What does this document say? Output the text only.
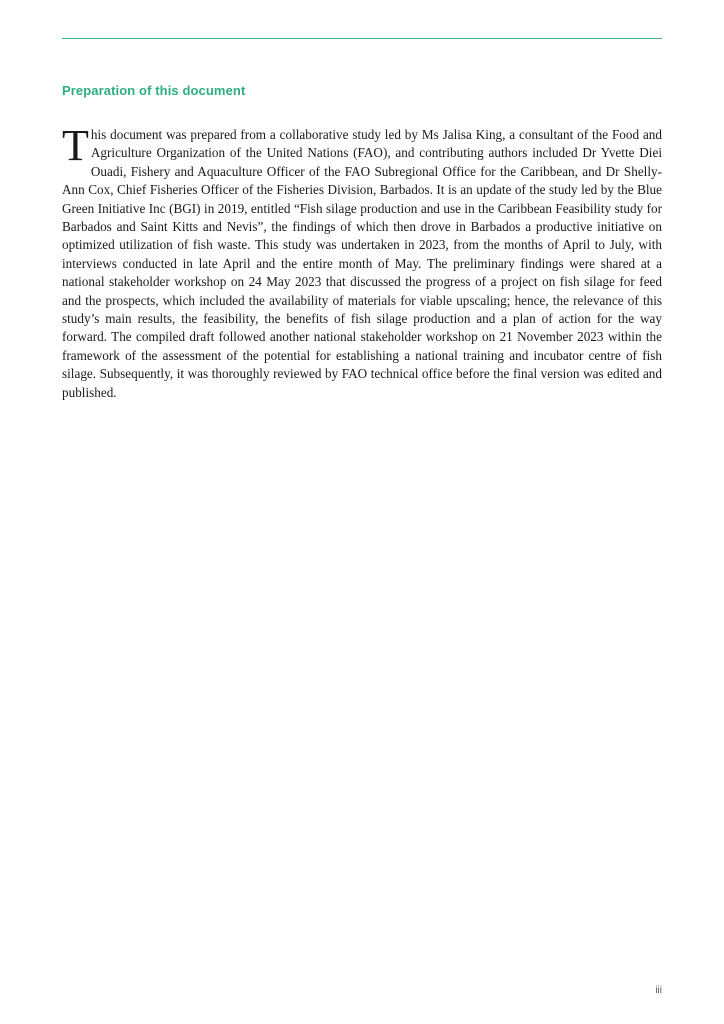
Preparation of this document

This document was prepared from a collaborative study led by Ms Jalisa King, a consultant of the Food and Agriculture Organization of the United Nations (FAO), and contributing authors included Dr Yvette Diei Ouadi, Fishery and Aquaculture Officer of the FAO Subregional Office for the Caribbean, and Dr Shelly-Ann Cox, Chief Fisheries Officer of the Fisheries Division, Barbados. It is an update of the study led by the Blue Green Initiative Inc (BGI) in 2019, entitled “Fish silage production and use in the Caribbean Feasibility study for Barbados and Saint Kitts and Nevis”, the findings of which then drove in Barbados a productive initiative on optimized utilization of fish waste. This study was undertaken in 2023, from the months of April to July, with interviews conducted in late April and the entire month of May. The preliminary findings were shared at a national stakeholder workshop on 24 May 2023 that discussed the progress of a project on fish silage for feed and the prospects, which included the availability of materials for viable upscaling; hence, the relevance of this study’s main results, the feasibility, the benefits of fish silage production and a plan of action for the way forward. The compiled draft followed another national stakeholder workshop on 21 November 2023 within the framework of the assessment of the potential for establishing a national training and incubator centre of fish silage. Subsequently, it was thoroughly reviewed by FAO technical office before the final version was edited and published.

iii
